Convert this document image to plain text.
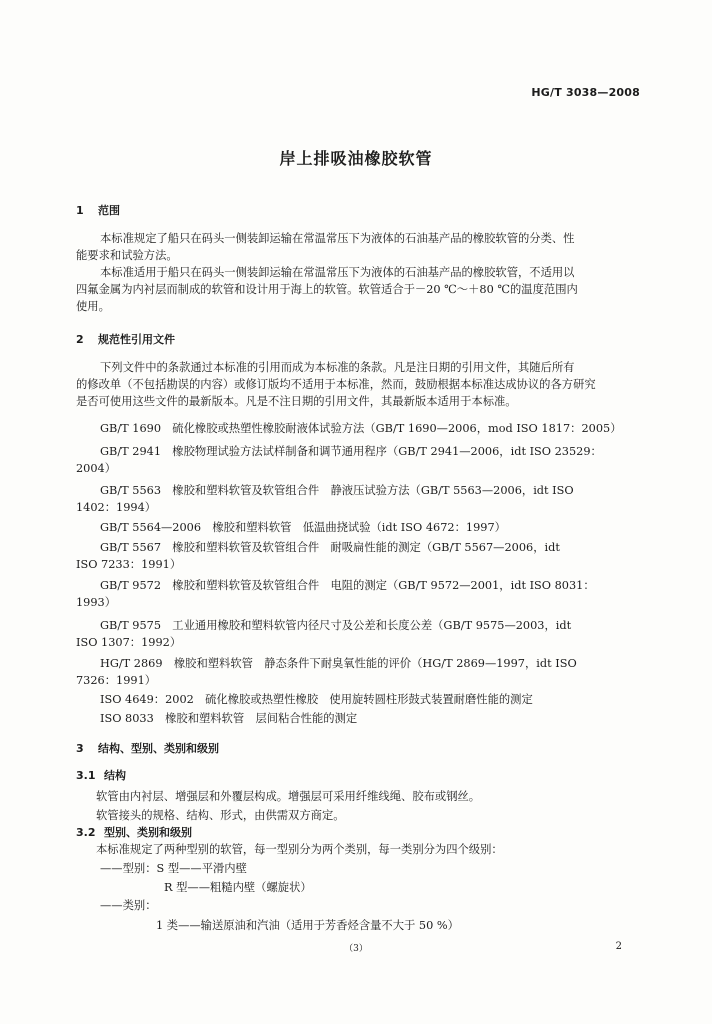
HG/T 3038—2008
岸上排吸油橡胶软管
1 范围
本标准规定了船只在码头一侧装卸运输在常温常压下为液体的石油基产品的橡胶软管的分类、性
能要求和试验方法。
本标准适用于船只在码头一侧装卸运输在常温常压下为液体的石油基产品的橡胶软管，不适用以
四氟金属为内衬层而制成的软管和设计用于海上的软管。软管适合于－20 ℃～＋80 ℃的温度范围内
使用。
2 规范性引用文件
下列文件中的条款通过本标准的引用而成为本标准的条款。凡是注日期的引用文件，其随后所有
的修改单（不包括勘误的内容）或修订版均不适用于本标准，然而，鼓励根据本标准达成协议的各方研究
是否可使用这些文件的最新版本。凡是不注日期的引用文件，其最新版本适用于本标准。
GB/T 1690　硫化橡胶或热塑性橡胶耐液体试验方法（GB/T 1690—2006，mod ISO 1817：2005）
GB/T 2941　橡胶物理试验方法试样制备和调节通用程序（GB/T 2941—2006，idt ISO 23529：
2004）
GB/T 5563　橡胶和塑料软管及软管组合件　静液压试验方法（GB/T 5563—2006，idt ISO
1402：1994）
GB/T 5564—2006　橡胶和塑料软管　低温曲挠试验（idt ISO 4672：1997）
GB/T 5567　橡胶和塑料软管及软管组合件　耐吸扁性能的测定（GB/T 5567—2006，idt
ISO 7233：1991）
GB/T 9572　橡胶和塑料软管及软管组合件　电阻的测定（GB/T 9572—2001，idt ISO 8031：
1993）
GB/T 9575　工业通用橡胶和塑料软管内径尺寸及公差和长度公差（GB/T 9575—2003，idt
ISO 1307：1992）
HG/T 2869　橡胶和塑料软管　静态条件下耐臭氧性能的评价（HG/T 2869—1997，idt ISO
7326：1991）
ISO 4649：2002　硫化橡胶或热塑性橡胶　使用旋转圆柱形鼓式装置耐磨性能的测定
ISO 8033　橡胶和塑料软管　层间粘合性能的测定
3 结构、型别、类别和级别
3.1 结构
软管由内衬层、增强层和外覆层构成。增强层可采用纤维线绳、胶布或钢丝。
软管接头的规格、结构、形式，由供需双方商定。
3.2 型别、类别和级别
本标准规定了两种型别的软管，每一型别分为两个类别，每一类别分为四个级别：
——型别：S 型——平滑内壁
R 型——粗糙内壁（螺旋状）
——类别：
1 类——输送原油和汽油（适用于芳香烃含量不大于 50 %）
（3）	2
